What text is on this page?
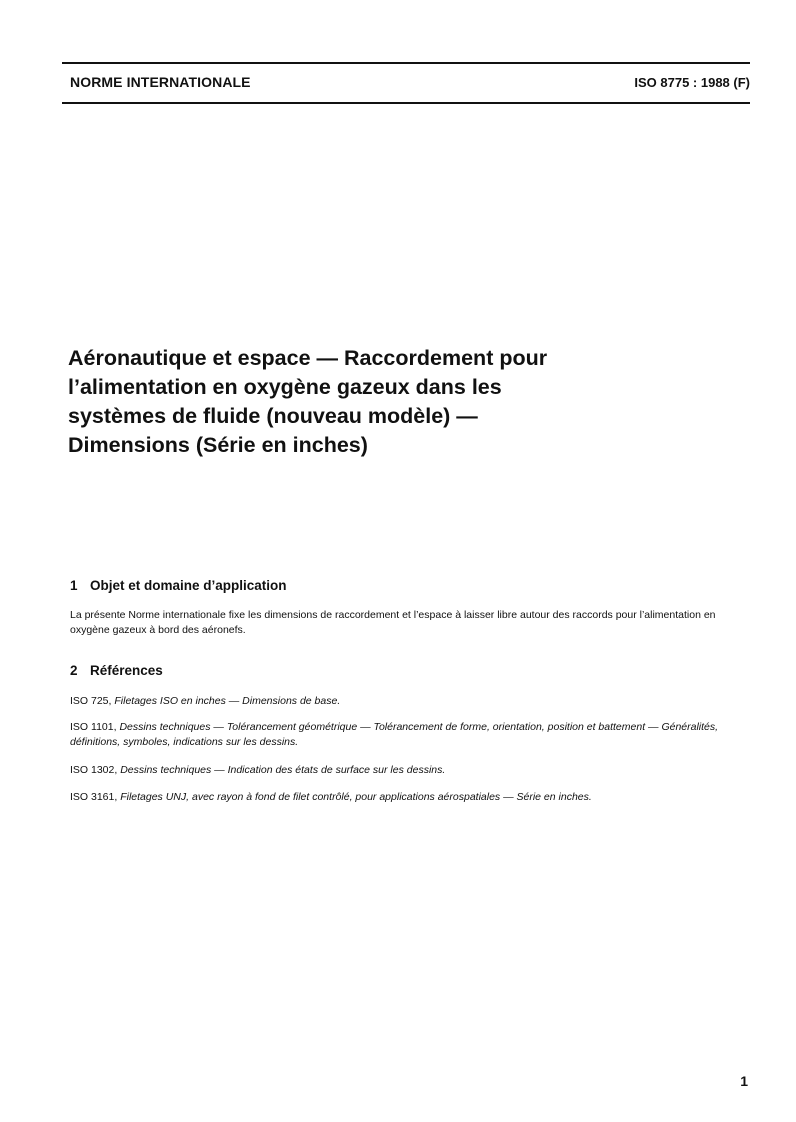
NORME INTERNATIONALE	ISO 8775 : 1988 (F)
Aéronautique et espace — Raccordement pour
l’alimentation en oxygène gazeux dans les
systèmes de fluide (nouveau modèle) —
Dimensions (Série en inches)
1 Objet et domaine d’application

La présente Norme internationale fixe les dimensions de raccordement et l’espace à laisser libre autour des raccords pour l’alimentation en oxygène gazeux à bord des aéronefs.

2 Références

ISO 725, Filetages ISO en inches — Dimensions de base.

ISO 1101, Dessins techniques — Tolérancement géométrique — Tolérancement de forme, orientation, position et battement — Généralités, définitions, symboles, indications sur les dessins.

ISO 1302, Dessins techniques — Indication des états de surface sur les dessins.

ISO 3161, Filetages UNJ, avec rayon à fond de filet contrôlé, pour applications aérospatiales — Série en inches.

1
